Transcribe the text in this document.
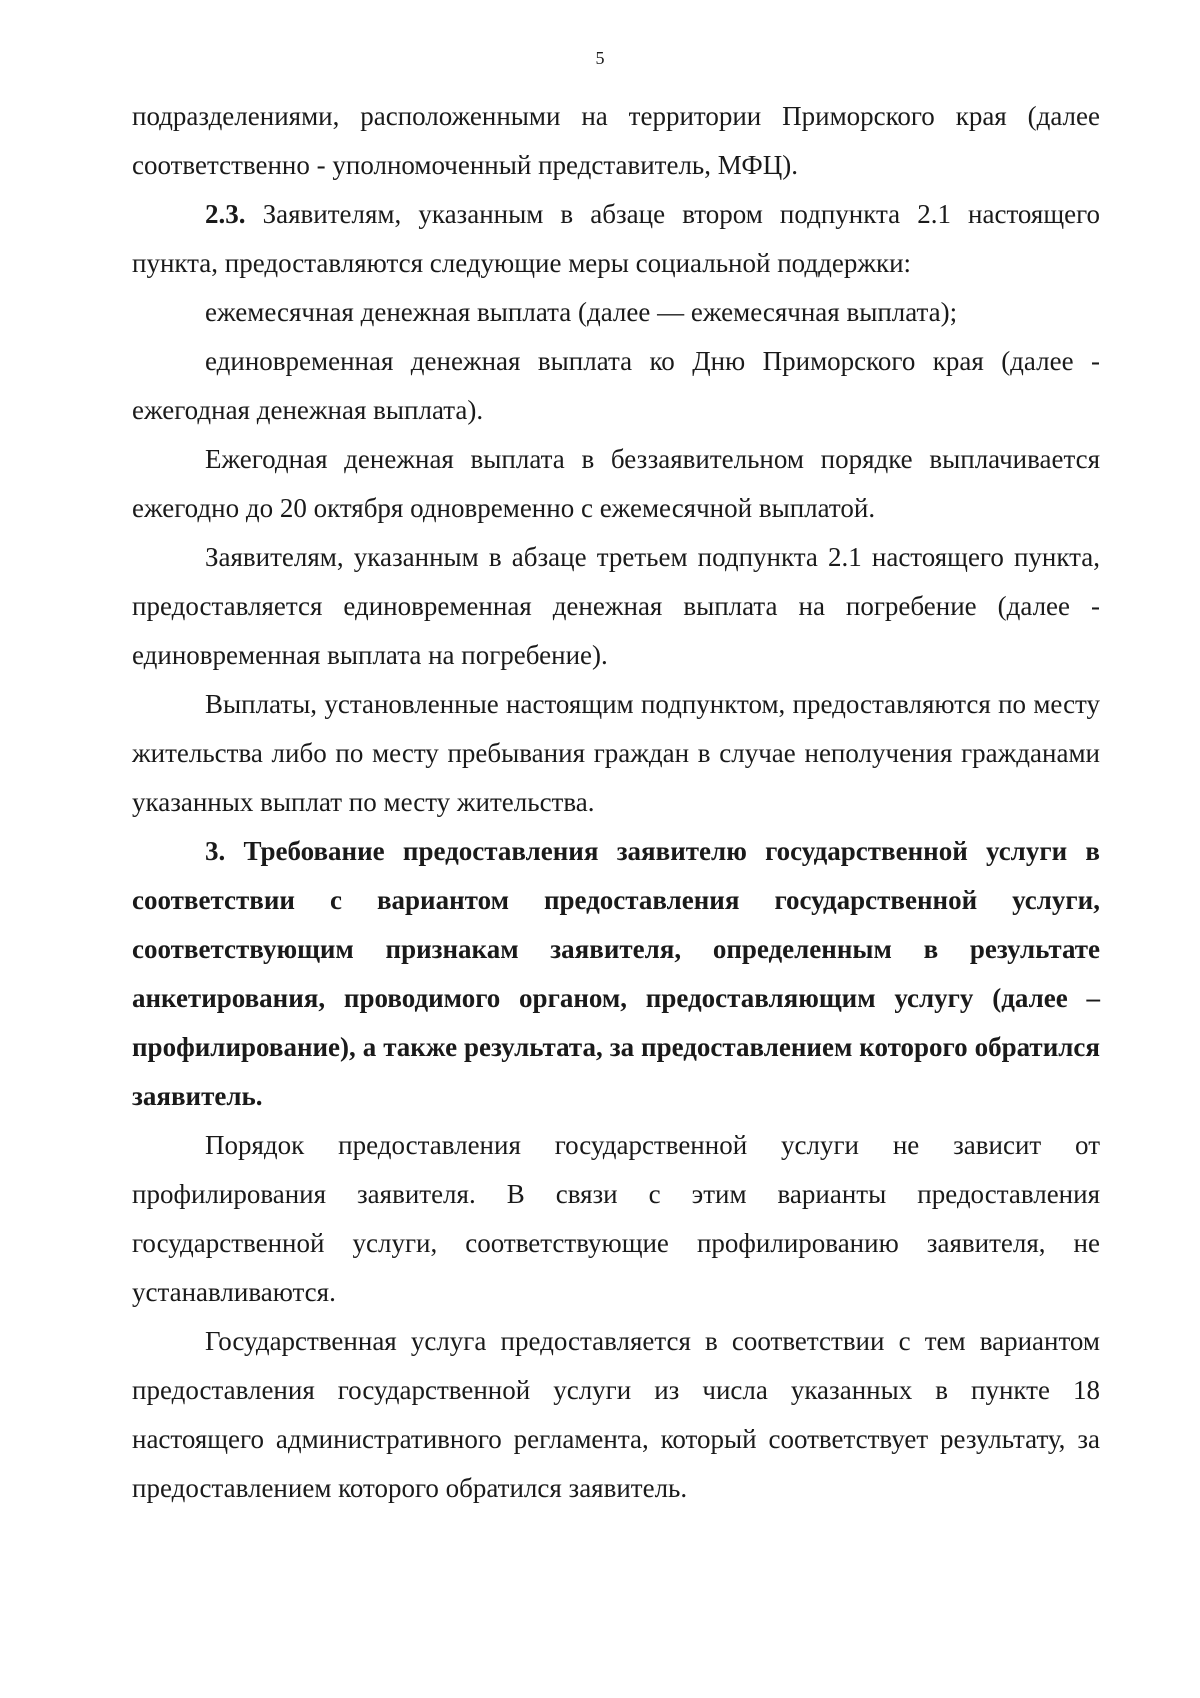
5

подразделениями, расположенными на территории Приморского края (далее соответственно - уполномоченный представитель, МФЦ).

2.3. Заявителям, указанным в абзаце втором подпункта 2.1 настоящего пункта, предоставляются следующие меры социальной поддержки:

ежемесячная денежная выплата (далее — ежемесячная выплата);

единовременная денежная выплата ко Дню Приморского края (далее - ежегодная денежная выплата).

Ежегодная денежная выплата в беззаявительном порядке выплачивается ежегодно до 20 октября одновременно с ежемесячной выплатой.

Заявителям, указанным в абзаце третьем подпункта 2.1 настоящего пункта, предоставляется единовременная денежная выплата на погребение (далее - единовременная выплата на погребение).

Выплаты, установленные настоящим подпунктом, предоставляются по месту жительства либо по месту пребывания граждан в случае неполучения гражданами указанных выплат по месту жительства.

3. Требование предоставления заявителю государственной услуги в соответствии с вариантом предоставления государственной услуги, соответствующим признакам заявителя, определенным в результате анкетирования, проводимого органом, предоставляющим услугу (далее – профилирование), а также результата, за предоставлением которого обратился заявитель.

Порядок предоставления государственной услуги не зависит от профилирования заявителя. В связи с этим варианты предоставления государственной услуги, соответствующие профилированию заявителя, не устанавливаются.

Государственная услуга предоставляется в соответствии с тем вариантом предоставления государственной услуги из числа указанных в пункте 18 настоящего административного регламента, который соответствует результату, за предоставлением которого обратился заявитель.
